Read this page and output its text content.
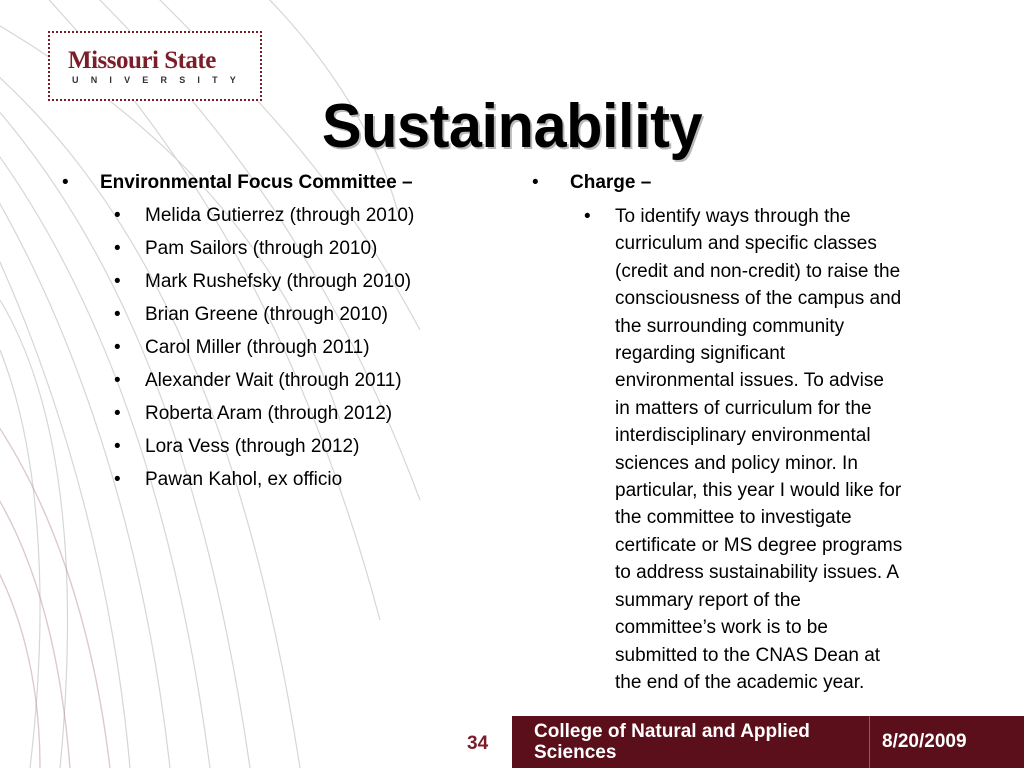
Missouri State
UNIVERSITY
Sustainability
• Environmental Focus Committee –
• Melida Gutierrez (through 2010)
• Pam Sailors (through 2010)
• Mark Rushefsky (through 2010)
• Brian Greene (through 2010)
• Carol Miller (through 2011)
• Alexander Wait (through 2011)
• Roberta Aram (through 2012)
• Lora Vess (through 2012)
• Pawan Kahol, ex officio
• Charge –
• To identify ways through the
curriculum and specific classes
(credit and non-credit) to raise the
consciousness of the campus and
the surrounding community
regarding significant
environmental issues. To advise
in matters of curriculum for the
interdisciplinary environmental
sciences and policy minor. In
particular, this year I would like for
the committee to investigate
certificate or MS degree programs
to address sustainability issues. A
summary report of the
committee’s work is to be
submitted to the CNAS Dean at
the end of the academic year.
34
College of Natural and Applied
Sciences
8/20/2009
